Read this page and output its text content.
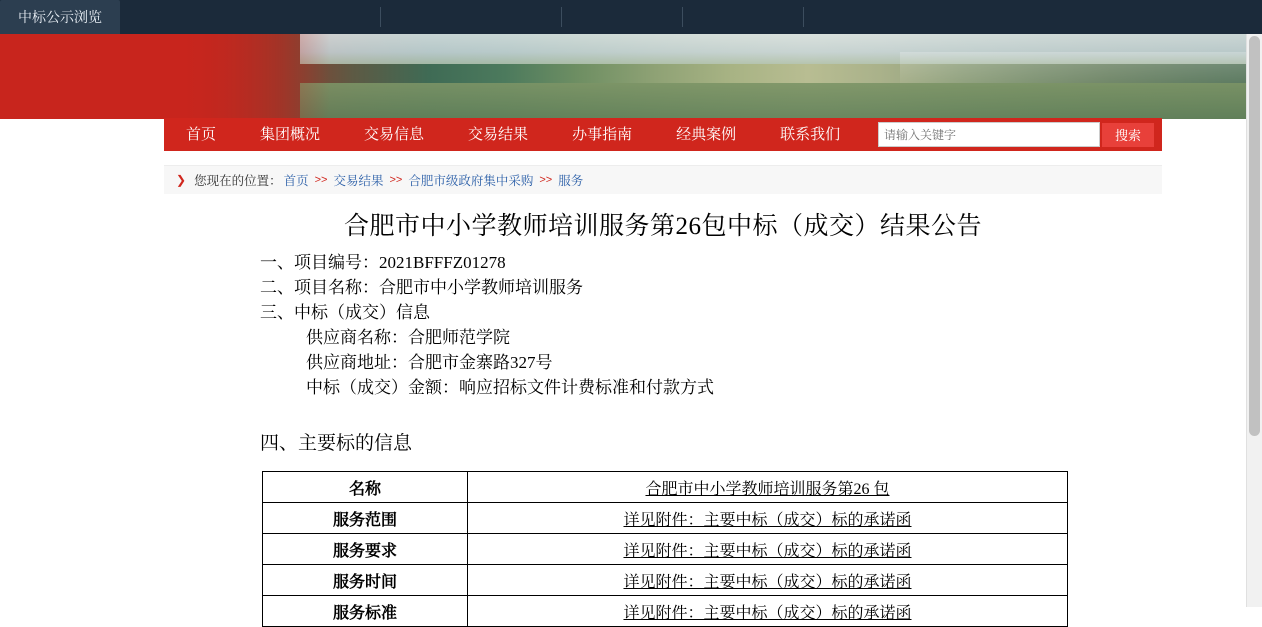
中标公示浏览
首页	集团概况	交易信息	交易结果	办事指南	经典案例	联系我们
请输入关键字	搜索
❯ 您现在的位置： 首页 >> 交易结果 >> 合肥市级政府集中采购 >> 服务
合肥市中小学教师培训服务第26包中标（成交）结果公告
一、项目编号：2021BFFFZ01278
二、项目名称：合肥市中小学教师培训服务
三、中标（成交）信息
供应商名称：合肥师范学院
供应商地址：合肥市金寨路327号
中标（成交）金额：响应招标文件计费标准和付款方式
四、主要标的信息
名称	合肥市中小学教师培训服务第26 包
服务范围	详见附件：主要中标（成交）标的承诺函
服务要求	详见附件：主要中标（成交）标的承诺函
服务时间	详见附件：主要中标（成交）标的承诺函
服务标准	详见附件：主要中标（成交）标的承诺函
